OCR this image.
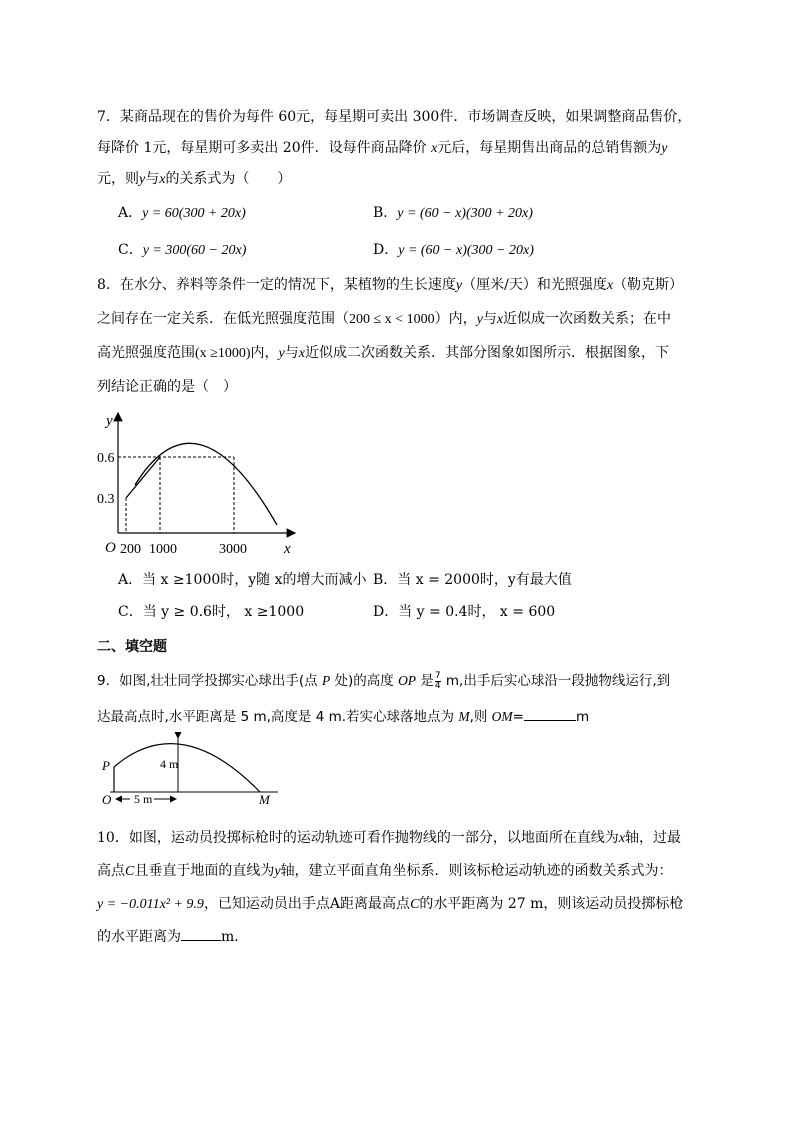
7．某商品现在的售价为每件 60元，每星期可卖出 300件．市场调查反映，如果调整商品售价，
每降价 1元，每星期可多卖出 20件．设每件商品降价 x元后，每星期售出商品的总销售额为y
元，则y与x的关系式为（　　）
A．y = 60(300 + 20x)	B．y = (60 − x)(300 + 20x)
C．y = 300(60 − 20x)	D．y = (60 − x)(300 − 20x)
8．在水分、养料等条件一定的情况下，某植物的生长速度y（厘米/天）和光照强度x（勒克斯）
之间存在一定关系．在低光照强度范围（200 ≤ x < 1000）内，y与x近似成一次函数关系；在中
高光照强度范围(x ≥1000)内，y与x近似成二次函数关系．其部分图象如图所示．根据图象，下
列结论正确的是（　）
y
x
O
0.6
0.3
200 1000	3000
A．当 x ≥1000时，y随 x的增大而减小 B．当 x = 2000时，y有最大值
C．当 y ≥ 0.6时， x ≥1000	D．当 y = 0.4时， x = 600
二、填空题
9．如图,壮壮同学投掷实心球出手(点 P 处)的高度 OP 是 $\frac{7}{4} m$,出手后实心球沿一段抛物线运行,到
达最高点时,水平距离是 5 m,高度是 4 m.若实心球落地点为 M,则 OM=	m
P
O	M
4 m
5 m
10．如图，运动员投掷标枪时的运动轨迹可看作抛物线的一部分，以地面所在直线为x轴，过最
高点C且垂直于地面的直线为y轴，建立平面直角坐标系．则该标枪运动轨迹的函数关系式为：
y = −0.011x² + 9.9，已知运动员出手点A距离最高点C的水平距离为 27 m，则该运动员投掷标枪
的水平距离为	m．
